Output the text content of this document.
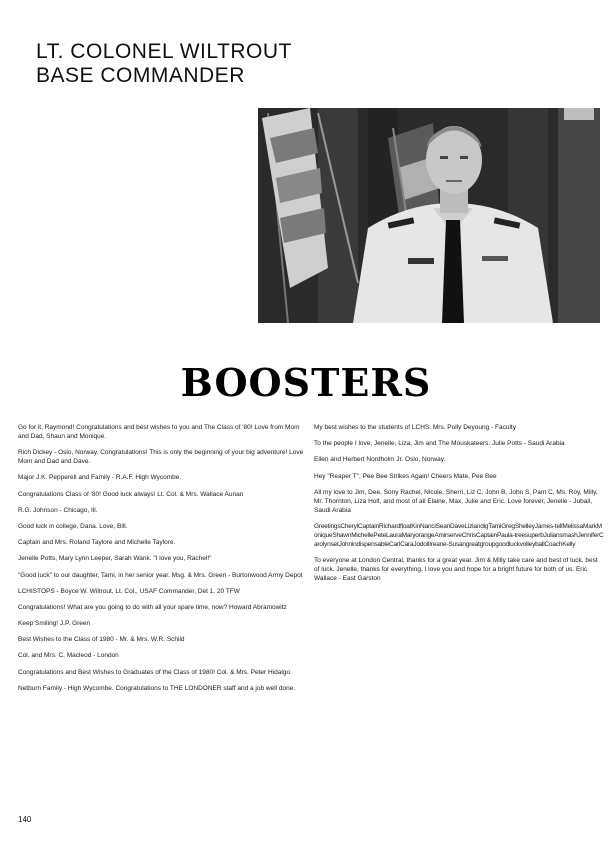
LT. COLONEL WILTROUT
BASE COMMANDER
BOOSTERS

Go for it, Raymond! Congratulations and best wishes to you and The Class of '80! Love from Mom and Dad, Shaun and Monique.

Rich Dickey - Oslo, Norway. Congratulations! This is only the beginning of your big adventure! Love Mom and Dad and Dave.

Major J.K. Pepperell and Family - R.A.F. High Wycombe.

Congratulations Class of '80! Good luck always! Lt. Col. & Mrs. Wallace Aunan

R.G. Johnson - Chicago, Ill.

Good luck in college, Dana. Love, Bill.

Captain and Mrs. Roland Taylore and Michelle Taylore.

Jenelle Potts, Mary Lynn Leeper, Sarah Wank. "I love you, Rachel!"

"Good luck" to our daughter, Tami, in her senior year. Msg. & Mrs. Green - Burtonwood Army Depot

LCHISTOPS - Boyce W. Wiltrout, Lt. Col., USAF Commander, Det 1, 20 TFW

Congratulations! What are you going to do with all your spare time, now? Howard Abramowitz

Keep Smiling! J.P. Green

Best Wishes to the Class of 1980 - Mr. & Mrs. W.R. Schild

Col. and Mrs. C. Macleod - London

Congratulations and Best Wishes to Graduates of the Class of 1980! Col. & Mrs. Peter Hidalgo

Netburn Family - High Wycombe. Congratulations to THE LONDONER staff and a job well done.

My best wishes to the students of LCHS. Mrs. Polly Deyoung - Faculty

To the people I love, Jenelle, Liza, Jim and The Mouskateers. Julie Potts - Saudi Arabia

Ellen and Herbert Nordholm Jr. Oslo, Norway.

Hey "Reaper T", Pee Bee Strikes Again! Cheers Mate, Pee Bee

All my love to Jim, Dee, Sony Rachel, Nicole, Sherri, Liz C, John B, John S, Pam C, Ms. Roy, Milly, Mr. Thornton, Liza Holt, and most of all Elaine, Max, Julie and Eric. Love forever, Jenelle - Jubail, Saudi Arabia

GreetingsCherylCaptainRichardfloatKinNanciSeanDaveLizlandigTamiGregShelleyJames-tellMelissaMarkMoniqueShawnMichellePeteLauraMaryorangeAmirserveChrisCaptainPaula-treesuperbJuliansmashJenniferCarolynsetJohnindispensableCarlCaraJodollIreane-SusangreatgroupgoodluckvolleyballCoachKelly

To everyone at London Central, thanks for a great year. Jim & Milly take care and best of luck. best of luck. Jenelle, thanks for everything, I love you and hope for a bright future for both of us. Eric Wallace - East Garston

140
